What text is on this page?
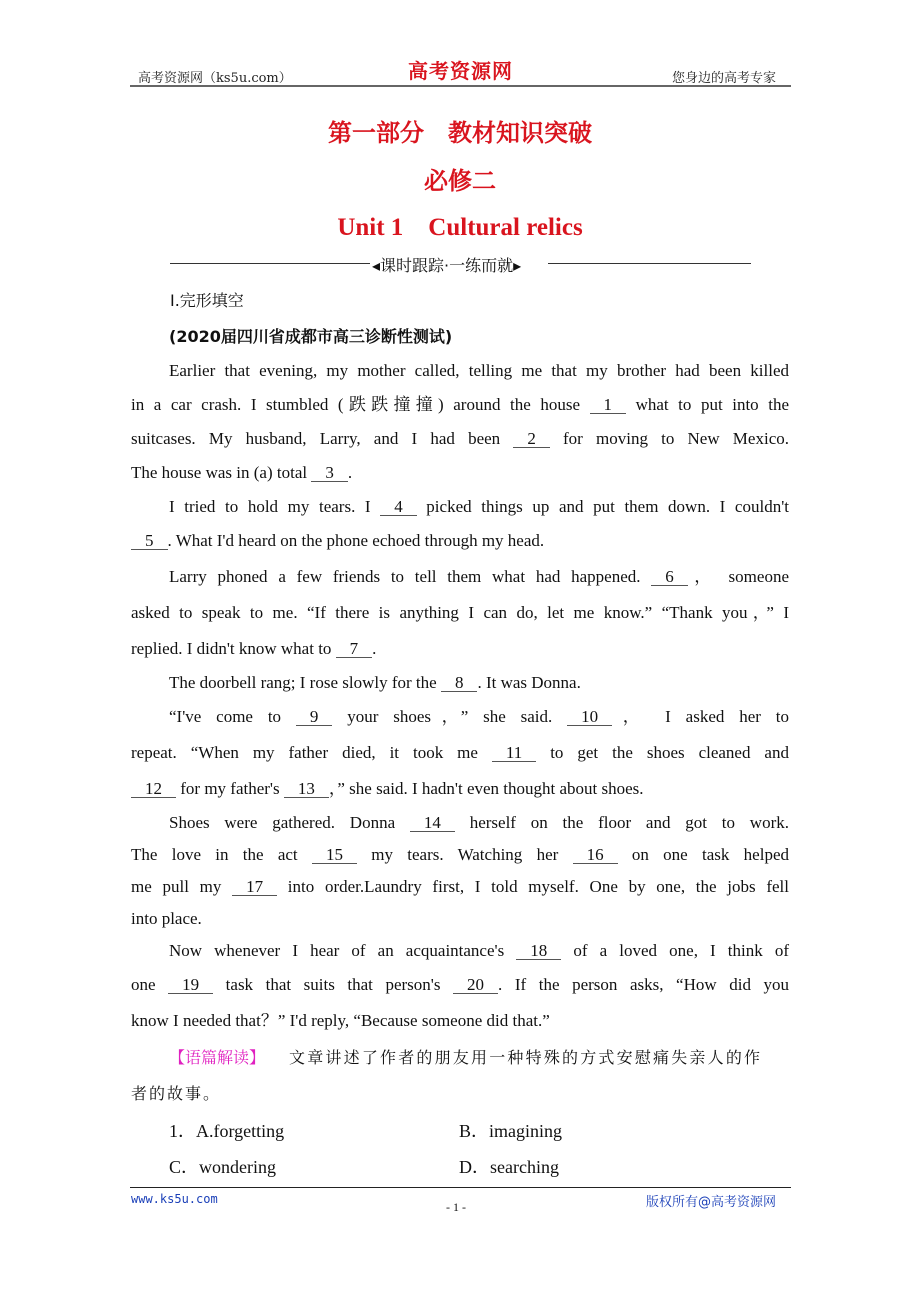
高考资源网（ks5u.com）	高考资源网	您身边的高考专家
第一部分　教材知识突破
必修二
Unit 1　Cultural relics
◂课时跟踪·一练而就▸
Ⅰ.完形填空
(2020届四川省成都市高三诊断性测试)
Earlier that evening, my mother called, telling me that my brother had been killed
in a car crash. I stumbled (跌跌撞撞) around the house 1 what to put into the
suitcases. My husband, Larry, and I had been 2 for moving to New Mexico.
The house was in (a) total 3 .
I tried to hold my tears. I 4 picked things up and put them down. I couldn't
5 . What I'd heard on the phone echoed through my head.
Larry phoned a few friends to tell them what had happened. 6 ， someone
asked to speak to me. “If there is anything I can do, let me know.” “Thank you，” I
replied. I didn't know what to 7 .
The doorbell rang; I rose slowly for the 8 . It was Donna.
“I've come to 9 your shoes，” she said. 10 ， I asked her to
repeat. “When my father died, it took me 11 to get the shoes cleaned and
12 for my father's 13 ，” she said. I hadn't even thought about shoes.
Shoes were gathered. Donna 14 herself on the floor and got to work.
The love in the act 15 my tears. Watching her 16 on one task helped
me pull my 17 into order.Laundry first, I told myself. One by one, the jobs fell
into place.
Now whenever I hear of an acquaintance's 18 of a loved one, I think of
one 19 task that suits that person's 20 . If the person asks, “How did you
know I needed that？” I'd reply, “Because someone did that.”
【语篇解读】 文章讲述了作者的朋友用一种特殊的方式安慰痛失亲人的作
者的故事。
1．A.forgetting	B．imagining
C．wondering	D．searching
www.ks5u.com
- 1 -	版权所有@高考资源网
